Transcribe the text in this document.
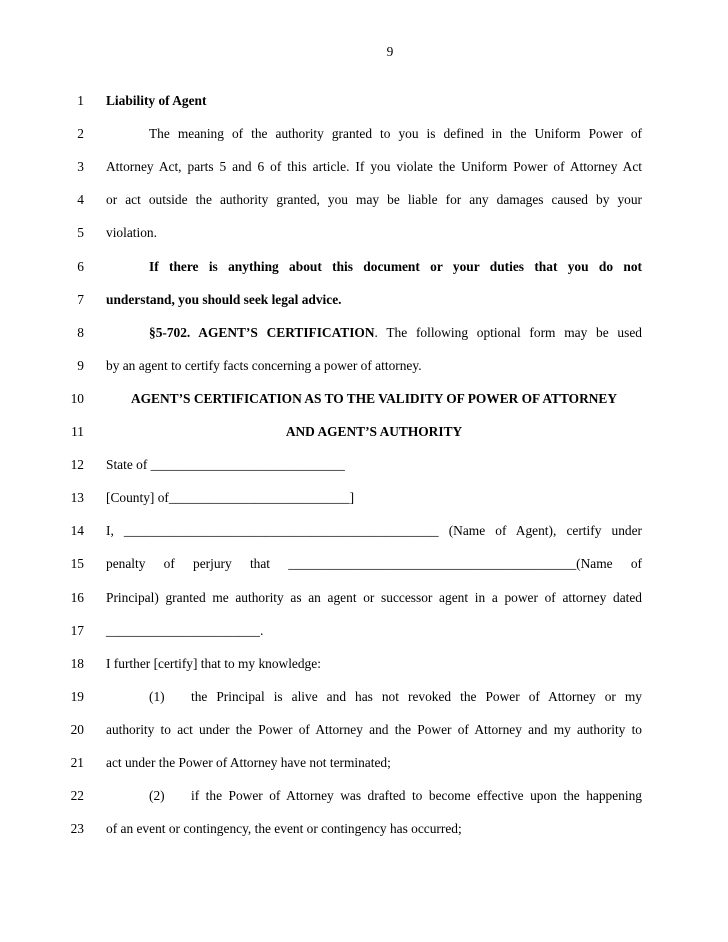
9
1 Liability of Agent
2	The meaning of the authority granted to you is defined in the Uniform Power of
3 Attorney Act, parts 5 and 6 of this article. If you violate the Uniform Power of Attorney Act
4 or act outside the authority granted, you may be liable for any damages caused by your
5 violation.
6	If there is anything about this document or your duties that you do not
7 understand, you should seek legal advice.
8	§5-702. AGENT’S CERTIFICATION. The following optional form may be used
9 by an agent to certify facts concerning a power of attorney.
10	AGENT’S CERTIFICATION AS TO THE VALIDITY OF POWER OF ATTORNEY
11	AND AGENT’S AUTHORITY
12 State of _____________________________
13 [County] of___________________________]
14 I, _______________________________________________ (Name of Agent), certify under
15 penalty of perjury that ___________________________________________(Name of
16 Principal) granted me authority as an agent or successor agent in a power of attorney dated
17 _______________________.
18 I further [certify] that to my knowledge:
19	(1) the Principal is alive and has not revoked the Power of Attorney or my
20 authority to act under the Power of Attorney and the Power of Attorney and my authority to
21 act under the Power of Attorney have not terminated;
22	(2) if the Power of Attorney was drafted to become effective upon the happening
23 of an event or contingency, the event or contingency has occurred;
